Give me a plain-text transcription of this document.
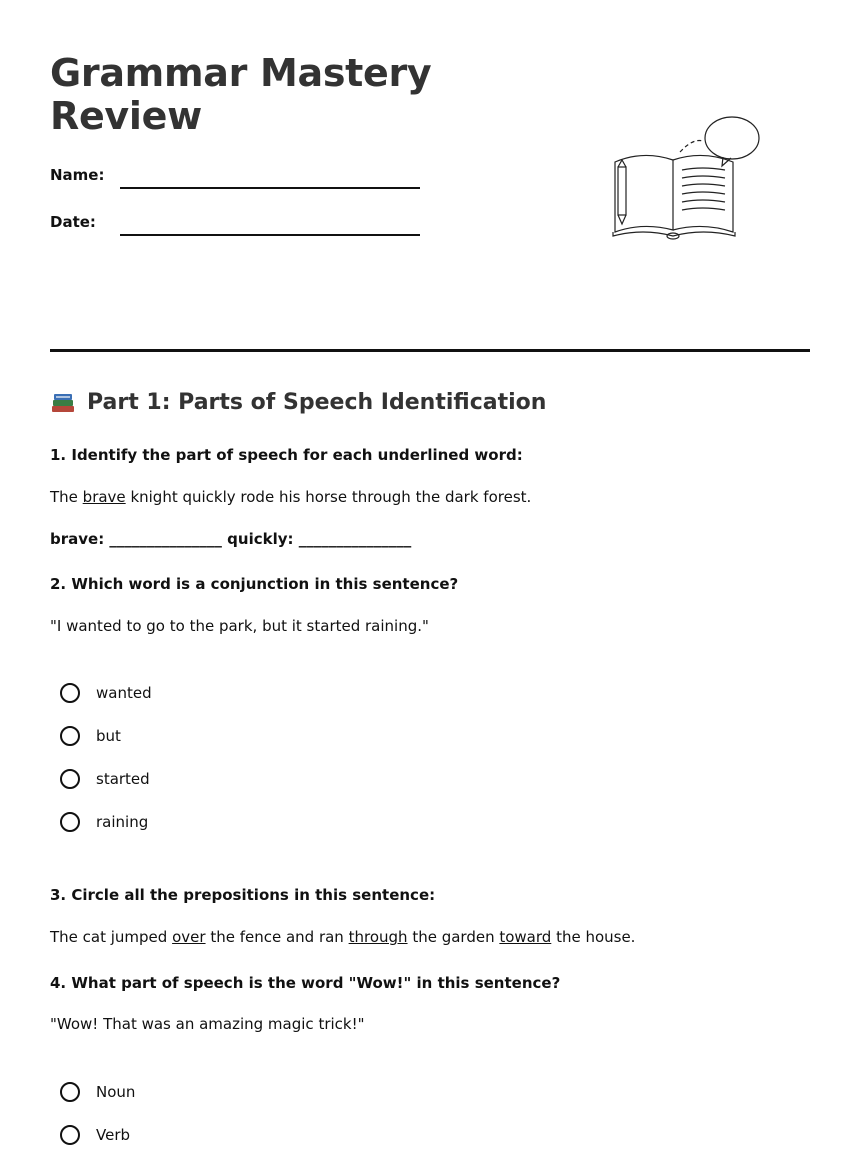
Grammar Mastery
Review
Name:
Date:
Part 1: Parts of Speech Identification
1. Identify the part of speech for each underlined word:
The brave knight quickly rode his horse through the dark forest.
brave: _______________ quickly: _______________
2. Which word is a conjunction in this sentence?
"I wanted to go to the park, but it started raining."
wanted
but
started
raining
3. Circle all the prepositions in this sentence:
The cat jumped over the fence and ran through the garden toward the house.
4. What part of speech is the word "Wow!" in this sentence?
"Wow! That was an amazing magic trick!"
Noun
Verb
